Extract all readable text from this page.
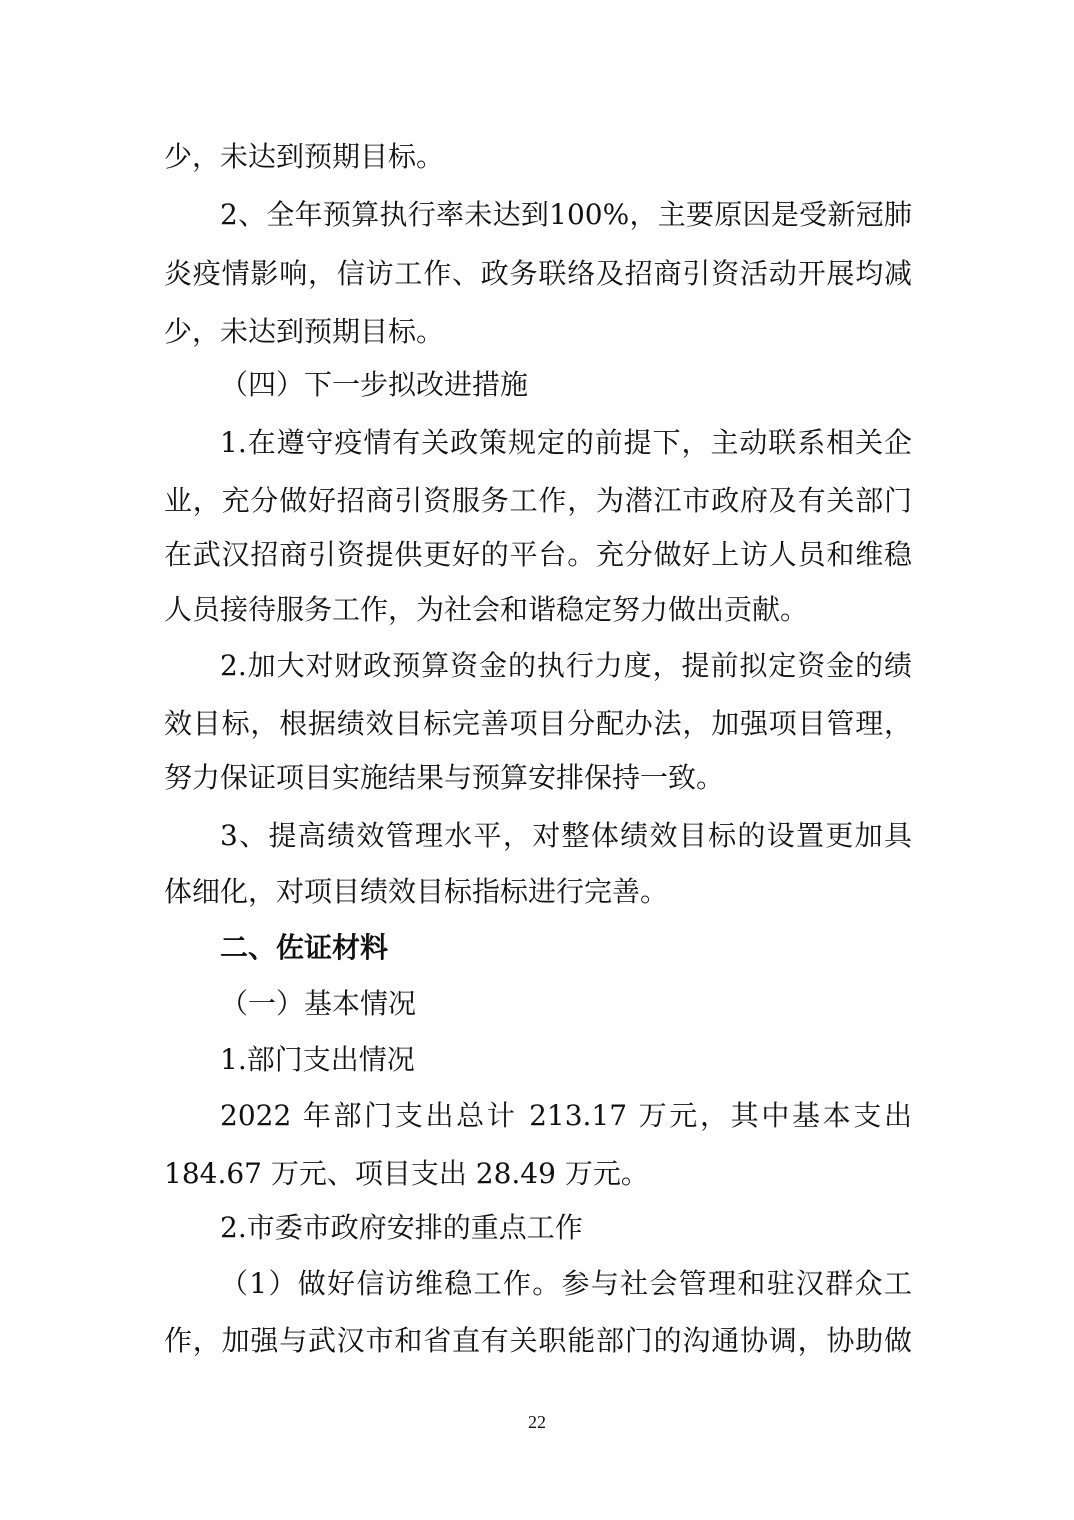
少，未达到预期目标。
2、全年预算执行率未达到100%，主要原因是受新冠肺
炎疫情影响，信访工作、政务联络及招商引资活动开展均减
少，未达到预期目标。
（四）下一步拟改进措施
1.在遵守疫情有关政策规定的前提下，主动联系相关企
业，充分做好招商引资服务工作，为潜江市政府及有关部门
在武汉招商引资提供更好的平台。充分做好上访人员和维稳
人员接待服务工作，为社会和谐稳定努力做出贡献。
2.加大对财政预算资金的执行力度，提前拟定资金的绩
效目标，根据绩效目标完善项目分配办法，加强项目管理，
努力保证项目实施结果与预算安排保持一致。
3、提高绩效管理水平，对整体绩效目标的设置更加具
体细化，对项目绩效目标指标进行完善。
二、佐证材料
（一）基本情况
1.部门支出情况
2022 年部门支出总计 213.17 万元，其中基本支出
184.67 万元、项目支出 28.49 万元。
2.市委市政府安排的重点工作
（1）做好信访维稳工作。参与社会管理和驻汉群众工
作，加强与武汉市和省直有关职能部门的沟通协调，协助做
22
